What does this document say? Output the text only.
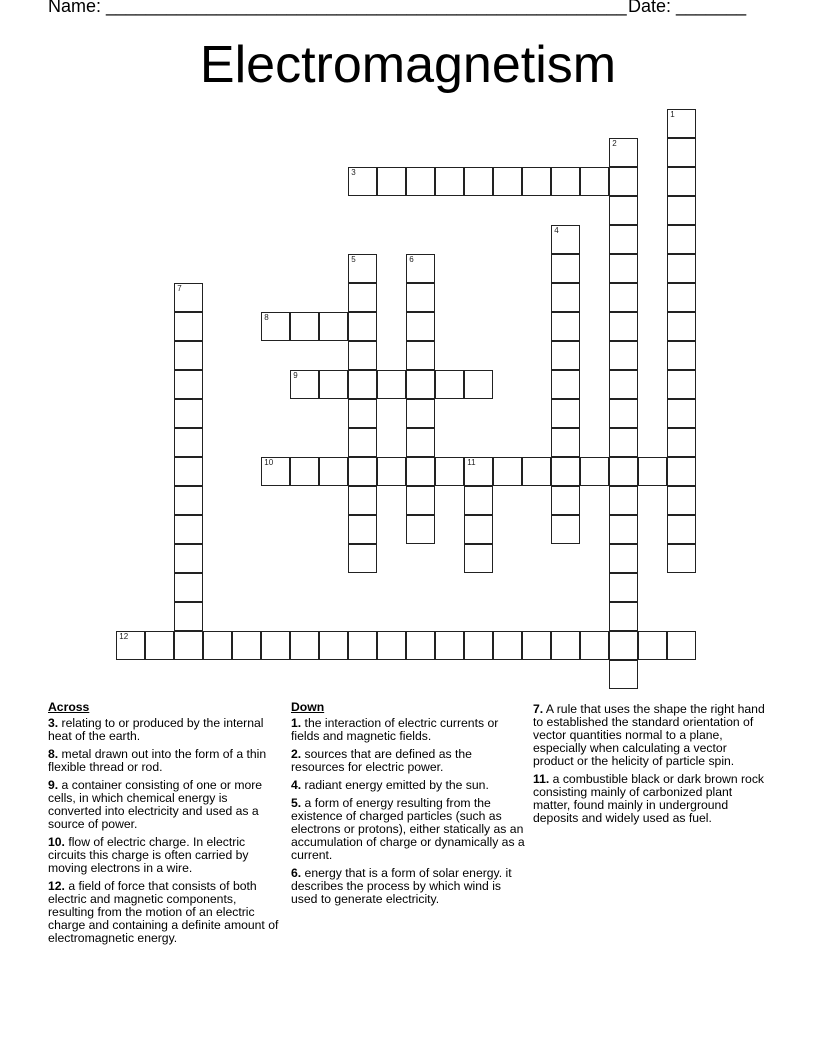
Name: ____________________________________________________ Date: _______
Electromagnetism
1
2
3
4
5	6
7
8
9
10	11
12
Across
3. relating to or produced by the internal heat of the earth.
8. metal drawn out into the form of a thin flexible thread or rod.
9. a container consisting of one or more cells, in which chemical energy is converted into electricity and used as a source of power.
10. flow of electric charge. In electric circuits this charge is often carried by moving electrons in a wire.
12. a field of force that consists of both electric and magnetic components, resulting from the motion of an electric charge and containing a definite amount of electromagnetic energy.
Down
1. the interaction of electric currents or fields and magnetic fields.
2. sources that are defined as the resources for electric power.
4. radiant energy emitted by the sun.
5. a form of energy resulting from the existence of charged particles (such as electrons or protons), either statically as an accumulation of charge or dynamically as a current.
6. energy that is a form of solar energy. it describes the process by which wind is used to generate electricity.
7. A rule that uses the shape the right hand to established the standard orientation of vector quantities normal to a plane, especially when calculating a vector product or the helicity of particle spin.
11. a combustible black or dark brown rock consisting mainly of carbonized plant matter, found mainly in underground deposits and widely used as fuel.
